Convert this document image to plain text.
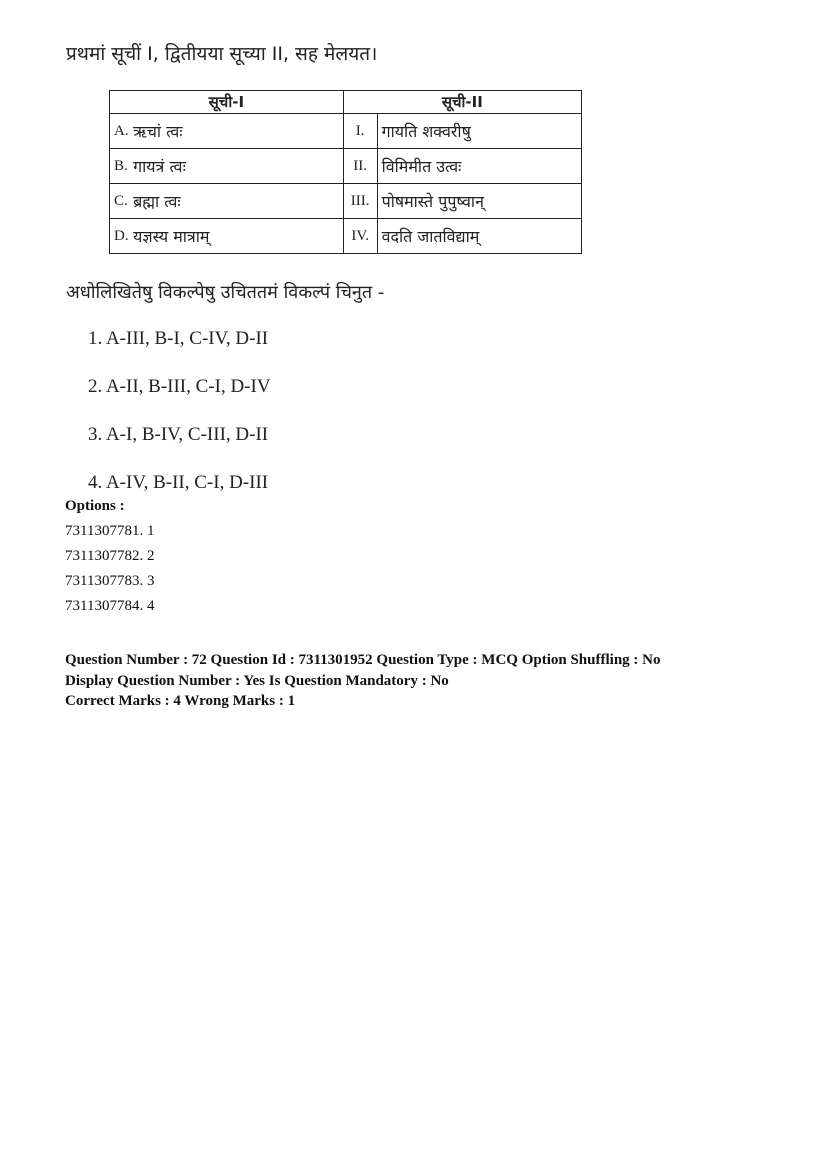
प्रथमां सूचीं I, द्वितीयया सूच्या II, सह मेलयत।
सूची-I		सूची-II	
A.	ऋचां त्वः	I.	गायति शक्वरीषु
B.	गायत्रं त्वः	II.	विमिमीत उत्वः
C.	ब्रह्मा त्वः	III.	पोषमास्ते पुपुष्वान्
D.	यज्ञस्य मात्राम्	IV.	वदति जातविद्याम्
अधोलिखितेषु विकल्पेषु उचिततमं विकल्पं चिनुत -
1. A-III, B-I, C-IV, D-II
2. A-II, B-III, C-I, D-IV
3. A-I, B-IV, C-III, D-II
4. A-IV, B-II, C-I, D-III
Options :
7311307781. 1
7311307782. 2
7311307783. 3
7311307784. 4
Question Number : 72 Question Id : 7311301952 Question Type : MCQ Option Shuffling : No
Display Question Number : Yes Is Question Mandatory : No
Correct Marks : 4 Wrong Marks : 1
